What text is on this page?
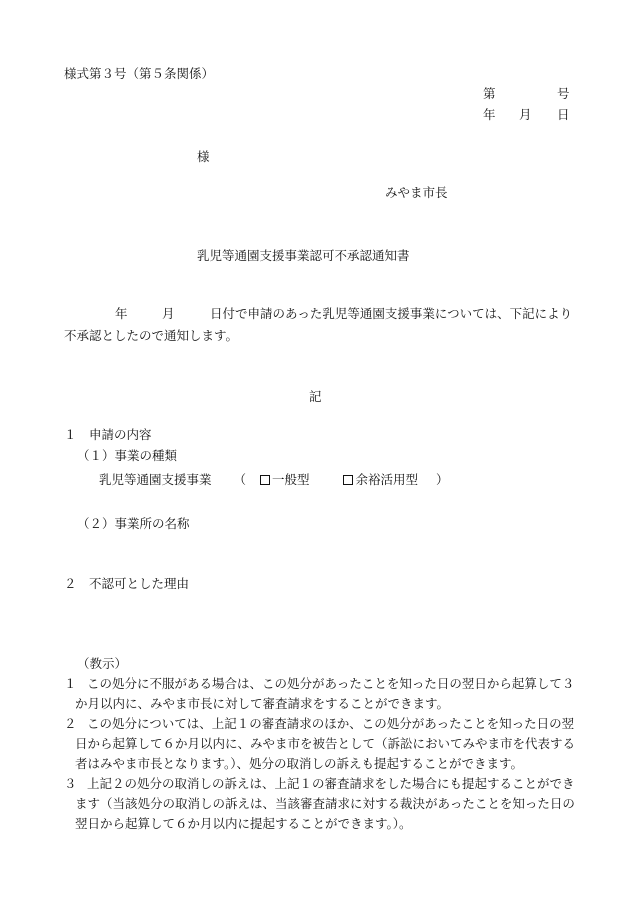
様式第３号（第５条関係）
第	号
年 月 日
様
みやま市長
乳児等通園支援事業認可不承認通知書
年	月	日付で申請のあった乳児等通園支援事業については、下記により
不承認としたので通知します。
記
１　申請の内容
（１）事業の種類
乳児等通園支援事業 （ 一般型	余裕活用型 ）
（２）事業所の名称
２　不認可とした理由
（教示）
１ この処分に不服がある場合は、この処分があったことを知った日の翌日から起算して３
か月以内に、みやま市長に対して審査請求をすることができます。
２ この処分については、上記１の審査請求のほか、この処分があったことを知った日の翌
日から起算して６か月以内に、みやま市を被告として（訴訟においてみやま市を代表する
者はみやま市長となります。）、処分の取消しの訴えも提起することができます。
３ 上記２の処分の取消しの訴えは、上記１の審査請求をした場合にも提起することができ
ます（当該処分の取消しの訴えは、当該審査請求に対する裁決があったことを知った日の
翌日から起算して６か月以内に提起することができます。）。
